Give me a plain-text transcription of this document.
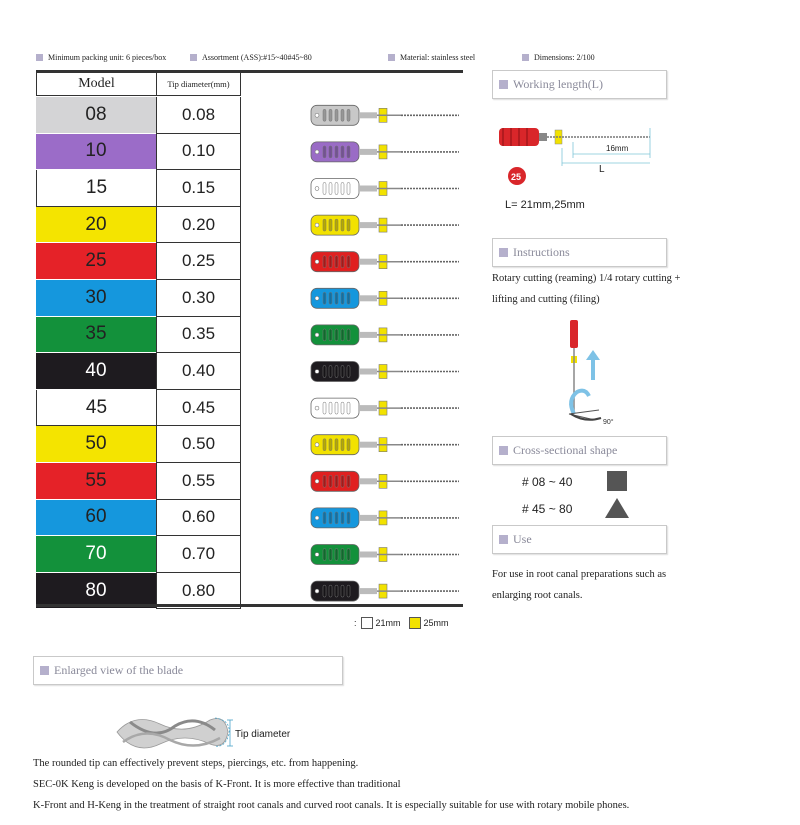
Minimum packing unit: 6 pieces/box	Assortment (ASS):#15~40#45~80	Material: stainless steel	Dimensions: 2/100
Model	Tip diameter (mm)
08	0.08
10	0.10
15	0.15
20	0.20
25	0.25
30	0.30
35	0.35
40	0.40
45	0.45
50	0.50
55	0.55
60	0.60
70	0.70
80	0.80
: 21mm	25mm
Working length(L)
16mm
L
25
L= 21mm,25mm
Instructions
Rotary cutting (reaming) 1/4 rotary cutting +
lifting and cutting (filing)
90°
Cross-sectional shape
# 08 ~ 40
# 45 ~ 80
Use
For use in root canal preparations such as
enlarging root canals.
Enlarged view of the blade
Tip diameter
The rounded tip can effectively prevent steps, piercings, etc. from happening.
SEC-0K Keng is developed on the basis of K-Front. It is more effective than traditional
K-Front and H-Keng in the treatment of straight root canals and curved root canals. It is especially suitable for use with rotary mobile phones.
